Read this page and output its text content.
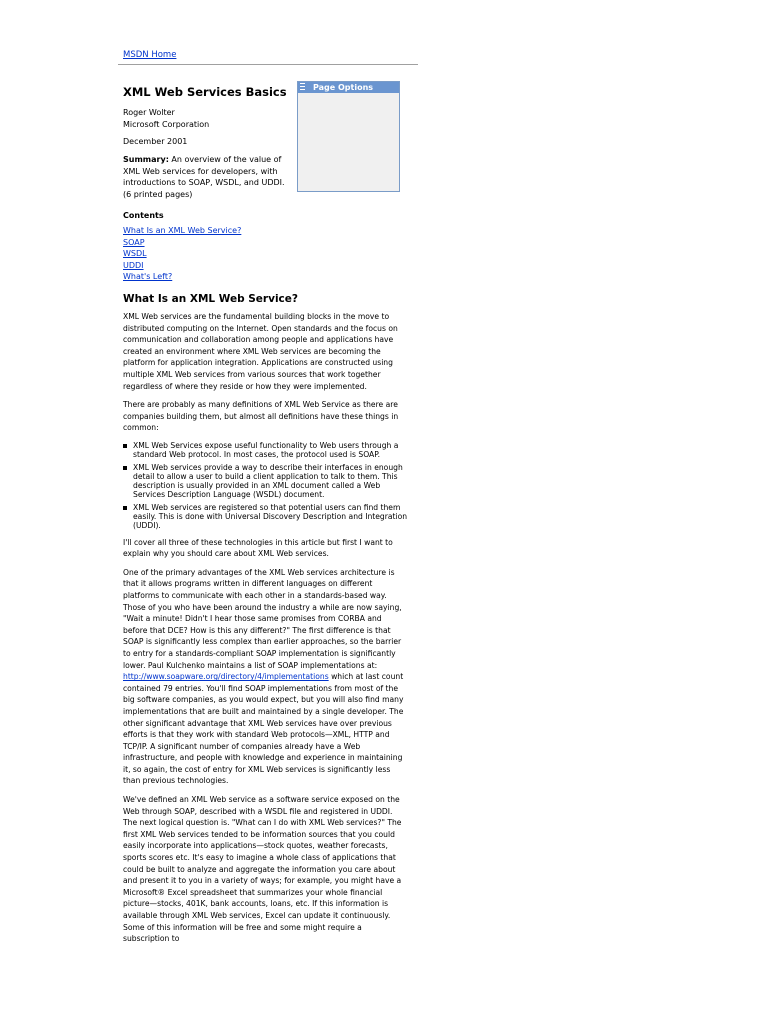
MSDN Home
XML Web Services Basics
Roger Wolter
Microsoft Corporation
December 2001
Summary: An overview of the value of XML Web services for developers, with introductions to SOAP, WSDL, and UDDI. (6 printed pages)
Page Options
Contents
What Is an XML Web Service?
SOAP
WSDL
UDDI
What's Left?
What Is an XML Web Service?

XML Web services are the fundamental building blocks in the move to distributed computing on the Internet. Open standards and the focus on communication and collaboration among people and applications have created an environment where XML Web services are becoming the platform for application integration. Applications are constructed using multiple XML Web services from various sources that work together regardless of where they reside or how they were implemented.

There are probably as many definitions of XML Web Service as there are companies building them, but almost all definitions have these things in common:

XML Web Services expose useful functionality to Web users through a standard Web protocol. In most cases, the protocol used is SOAP.
XML Web services provide a way to describe their interfaces in enough detail to allow a user to build a client application to talk to them. This description is usually provided in an XML document called a Web Services Description Language (WSDL) document.
XML Web services are registered so that potential users can find them easily. This is done with Universal Discovery Description and Integration (UDDI).

I'll cover all three of these technologies in this article but first I want to explain why you should care about XML Web services.

One of the primary advantages of the XML Web services architecture is that it allows programs written in different languages on different platforms to communicate with each other in a standards-based way. Those of you who have been around the industry a while are now saying, "Wait a minute! Didn't I hear those same promises from CORBA and before that DCE? How is this any different?" The first difference is that SOAP is significantly less complex than earlier approaches, so the barrier to entry for a standards-compliant SOAP implementation is significantly lower. Paul Kulchenko maintains a list of SOAP implementations at: http://www.soapware.org/directory/4/implementations which at last count contained 79 entries. You'll find SOAP implementations from most of the big software companies, as you would expect, but you will also find many implementations that are built and maintained by a single developer. The other significant advantage that XML Web services have over previous efforts is that they work with standard Web protocols—XML, HTTP and TCP/IP. A significant number of companies already have a Web infrastructure, and people with knowledge and experience in maintaining it, so again, the cost of entry for XML Web services is significantly less than previous technologies.

We've defined an XML Web service as a software service exposed on the Web through SOAP, described with a WSDL file and registered in UDDI. The next logical question is. "What can I do with XML Web services?" The first XML Web services tended to be information sources that you could easily incorporate into applications—stock quotes, weather forecasts, sports scores etc. It's easy to imagine a whole class of applications that could be built to analyze and aggregate the information you care about and present it to you in a variety of ways; for example, you might have a Microsoft® Excel spreadsheet that summarizes your whole financial picture—stocks, 401K, bank accounts, loans, etc. If this information is available through XML Web services, Excel can update it continuously. Some of this information will be free and some might require a subscription to
